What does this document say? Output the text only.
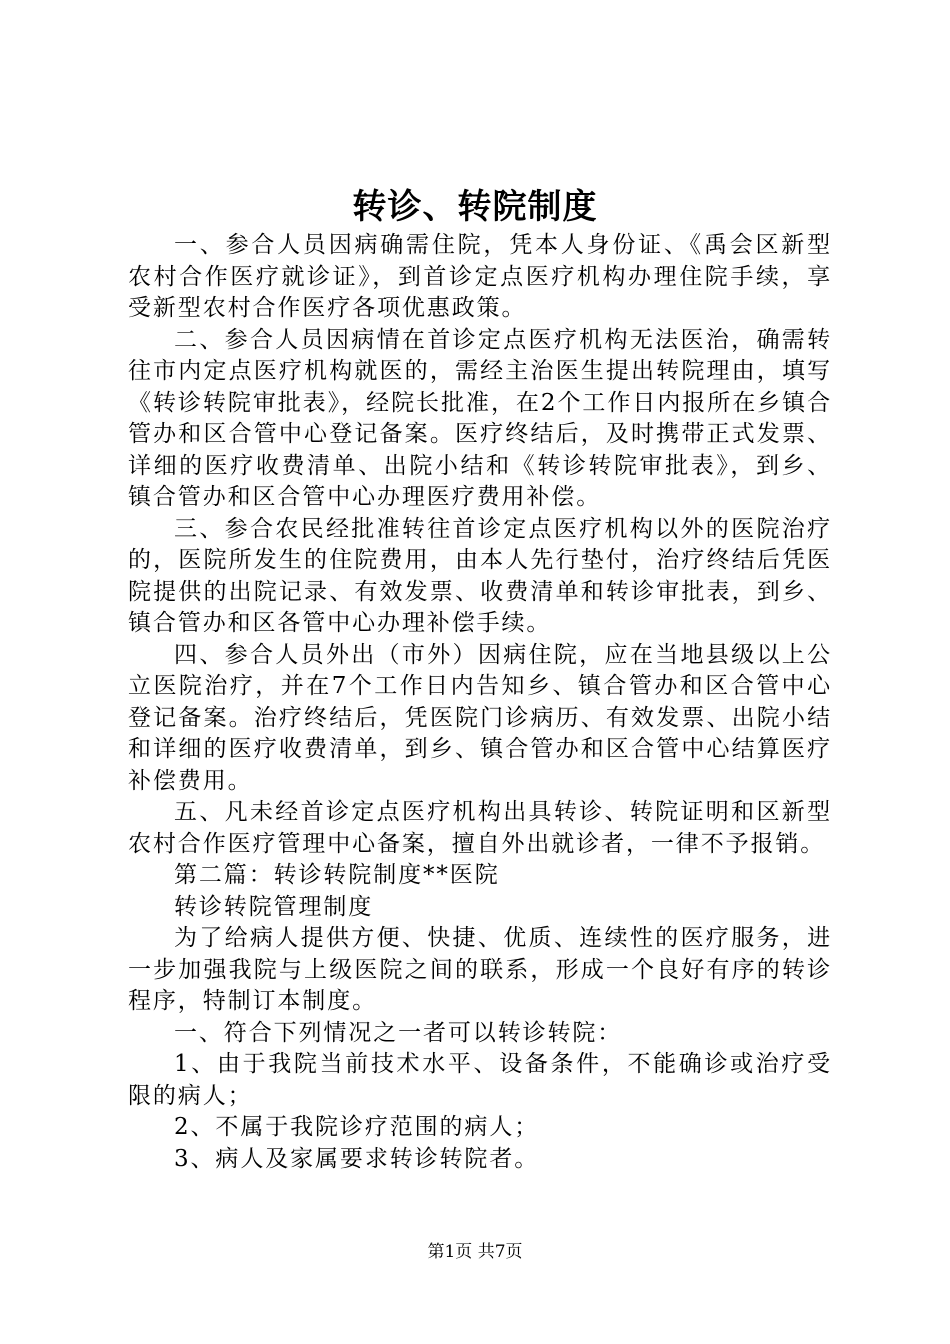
转诊、转院制度

一、参合人员因病确需住院，凭本人身份证、《禹会区新型农村合作医疗就诊证》，到首诊定点医疗机构办理住院手续，享受新型农村合作医疗各项优惠政策。

二、参合人员因病情在首诊定点医疗机构无法医治，确需转往市内定点医疗机构就医的，需经主治医生提出转院理由，填写《转诊转院审批表》，经院长批准，在2个工作日内报所在乡镇合管办和区合管中心登记备案。医疗终结后，及时携带正式发票、详细的医疗收费清单、出院小结和《转诊转院审批表》，到乡、镇合管办和区合管中心办理医疗费用补偿。

三、参合农民经批准转往首诊定点医疗机构以外的医院治疗的，医院所发生的住院费用，由本人先行垫付，治疗终结后凭医院提供的出院记录、有效发票、收费清单和转诊审批表，到乡、镇合管办和区各管中心办理补偿手续。

四、参合人员外出（市外）因病住院，应在当地县级以上公立医院治疗，并在7个工作日内告知乡、镇合管办和区合管中心登记备案。治疗终结后，凭医院门诊病历、有效发票、出院小结和详细的医疗收费清单，到乡、镇合管办和区合管中心结算医疗补偿费用。

五、凡未经首诊定点医疗机构出具转诊、转院证明和区新型农村合作医疗管理中心备案，擅自外出就诊者，一律不予报销。

第二篇：转诊转院制度**医院

转诊转院管理制度

为了给病人提供方便、快捷、优质、连续性的医疗服务，进一步加强我院与上级医院之间的联系，形成一个良好有序的转诊程序，特制订本制度。

一、符合下列情况之一者可以转诊转院：

1、由于我院当前技术水平、设备条件，不能确诊或治疗受限的病人；

2、不属于我院诊疗范围的病人；

3、病人及家属要求转诊转院者。

第1页 共7页
